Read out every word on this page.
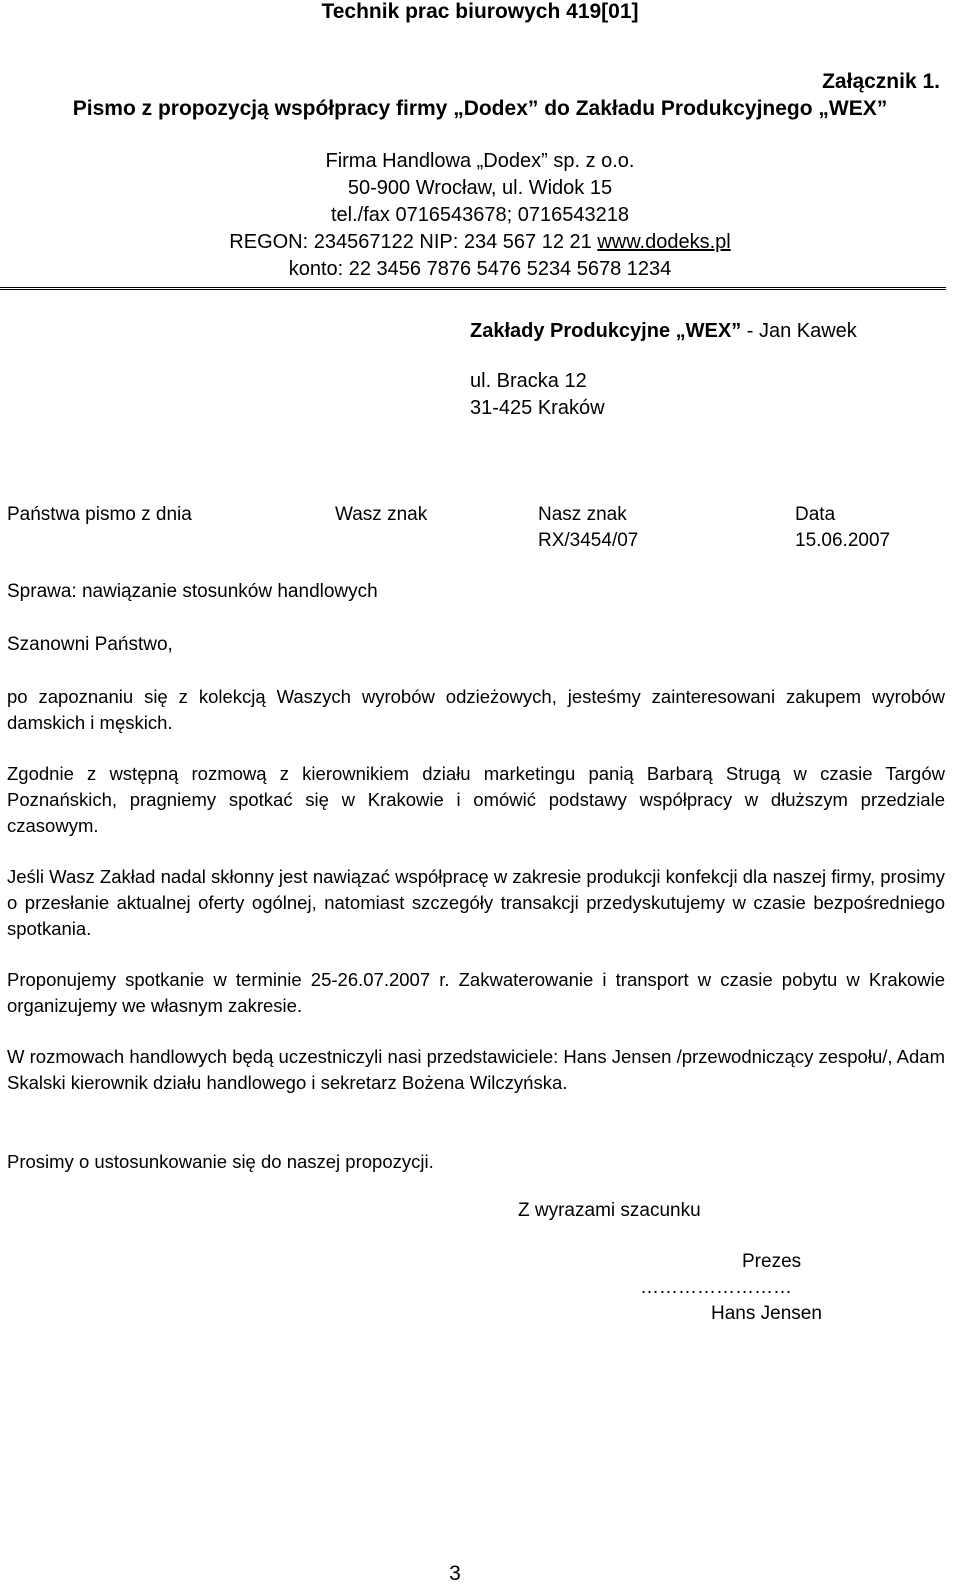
Technik prac biurowych 419[01]
Załącznik 1.
Pismo z propozycją współpracy firmy „Dodex” do Zakładu Produkcyjnego „WEX”
Firma Handlowa „Dodex” sp. z o.o.
50-900 Wrocław, ul. Widok 15
tel./fax 0716543678; 0716543218
REGON: 234567122 NIP: 234 567 12 21 www.dodeks.pl
konto: 22 3456 7876 5476 5234 5678 1234
Zakłady Produkcyjne „WEX” - Jan Kawek
ul. Bracka 12
31-425 Kraków
Państwa pismo z dnia	Wasz znak	Nasz znak
RX/3454/07
Data
15.06.2007
Sprawa: nawiązanie stosunków handlowych
Szanowni Państwo,
po zapoznaniu się z kolekcją Waszych wyrobów odzieżowych, jesteśmy zainteresowani zakupem wyrobów damskich i męskich.
Zgodnie z wstępną rozmową z kierownikiem działu marketingu panią Barbarą Strugą w czasie Targów Poznańskich, pragniemy spotkać się w Krakowie i omówić podstawy współpracy w dłuższym przedziale czasowym.
Jeśli Wasz Zakład nadal skłonny jest nawiązać współpracę w zakresie produkcji konfekcji dla naszej firmy, prosimy o przesłanie aktualnej oferty ogólnej, natomiast szczegóły transakcji przedyskutujemy w czasie bezpośredniego spotkania.
Proponujemy spotkanie w terminie 25-26.07.2007 r. Zakwaterowanie i transport w czasie pobytu w Krakowie organizujemy we własnym zakresie.
W rozmowach handlowych będą uczestniczyli nasi przedstawiciele: Hans Jensen /przewodniczący zespołu/, Adam Skalski kierownik działu handlowego i sekretarz Bożena Wilczyńska.
Prosimy o ustosunkowanie się do naszej propozycji.
Z wyrazami szacunku
Prezes
……………………
Hans Jensen
3
